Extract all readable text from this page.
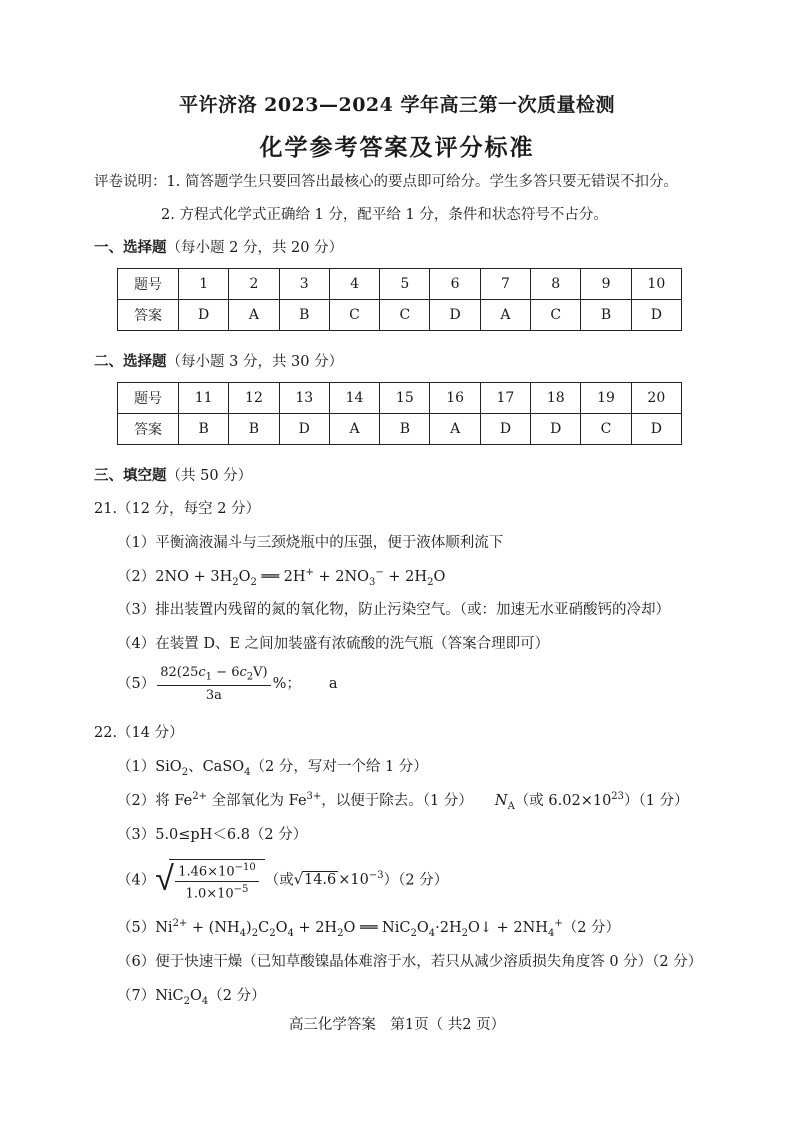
平许济洛 2023—2024 学年高三第一次质量检测
化学参考答案及评分标准
评卷说明：1. 简答题学生只要回答出最核心的要点即可给分。学生多答只要无错误不扣分。
2. 方程式化学式正确给 1 分，配平给 1 分，条件和状态符号不占分。
一、选择题（每小题 2 分，共 20 分）
题号	1	2	3	4	5	6	7	8	9	10
答案	D	A	B	C	C	D	A	C	B	D
二、选择题（每小题 3 分，共 30 分）
题号	11	12	13	14	15	16	17	18	19	20
答案	B	B	D	A	B	A	D	D	C	D
三、填空题（共 50 分）
21.（12 分，每空 2 分）
（1）平衡滴液漏斗与三颈烧瓶中的压强，便于液体顺利流下
$(2)2NO + 3H_2O_2$ ══ $2H^+ + 2NO_3^- + 2H_2O$
（3）排出装置内残留的氮的氧化物，防止污染空气。（或：加速无水亚硝酸钙的冷却）
（4）在装置 D、E 之间加装盛有浓硫酸的洗气瓶（答案合理即可）
$(5) \frac{82(25c_1 - 6c_2V)}{3a}$ %； a
22.（14 分）
（1）SiO$_2$、CaSO$_4$（2 分，写对一个给 1 分）
（2）将 $Fe^{2+}$ 全部氧化为 $Fe^{3+}$，以便于除去。（1 分） $N_A$（或 $6.02\times 10^{23})(1$ 分）
（3）5.0≤pH＜6.8（2 分）
（4） √ $\frac{1.46\times 10^{-10}}{1.0\times 10^{-5}}$ （或$√14.6 \times 10^{-3})(2$ 分）
$(5)Ni^{2+} + (NH_4)_2C_2O_4 + 2H_2O$ ══ $NiC_2O_4\cdot 2H_2O↓ + 2NH_4^+(2$ 分）
（6）便于快速干燥（已知草酸镍晶体难溶于水，若只从减少溶质损失角度答 0 分）（2 分）
$(7)NiC_2O_4(2$ 分）
高三化学答案　第1页（ 共2 页）
